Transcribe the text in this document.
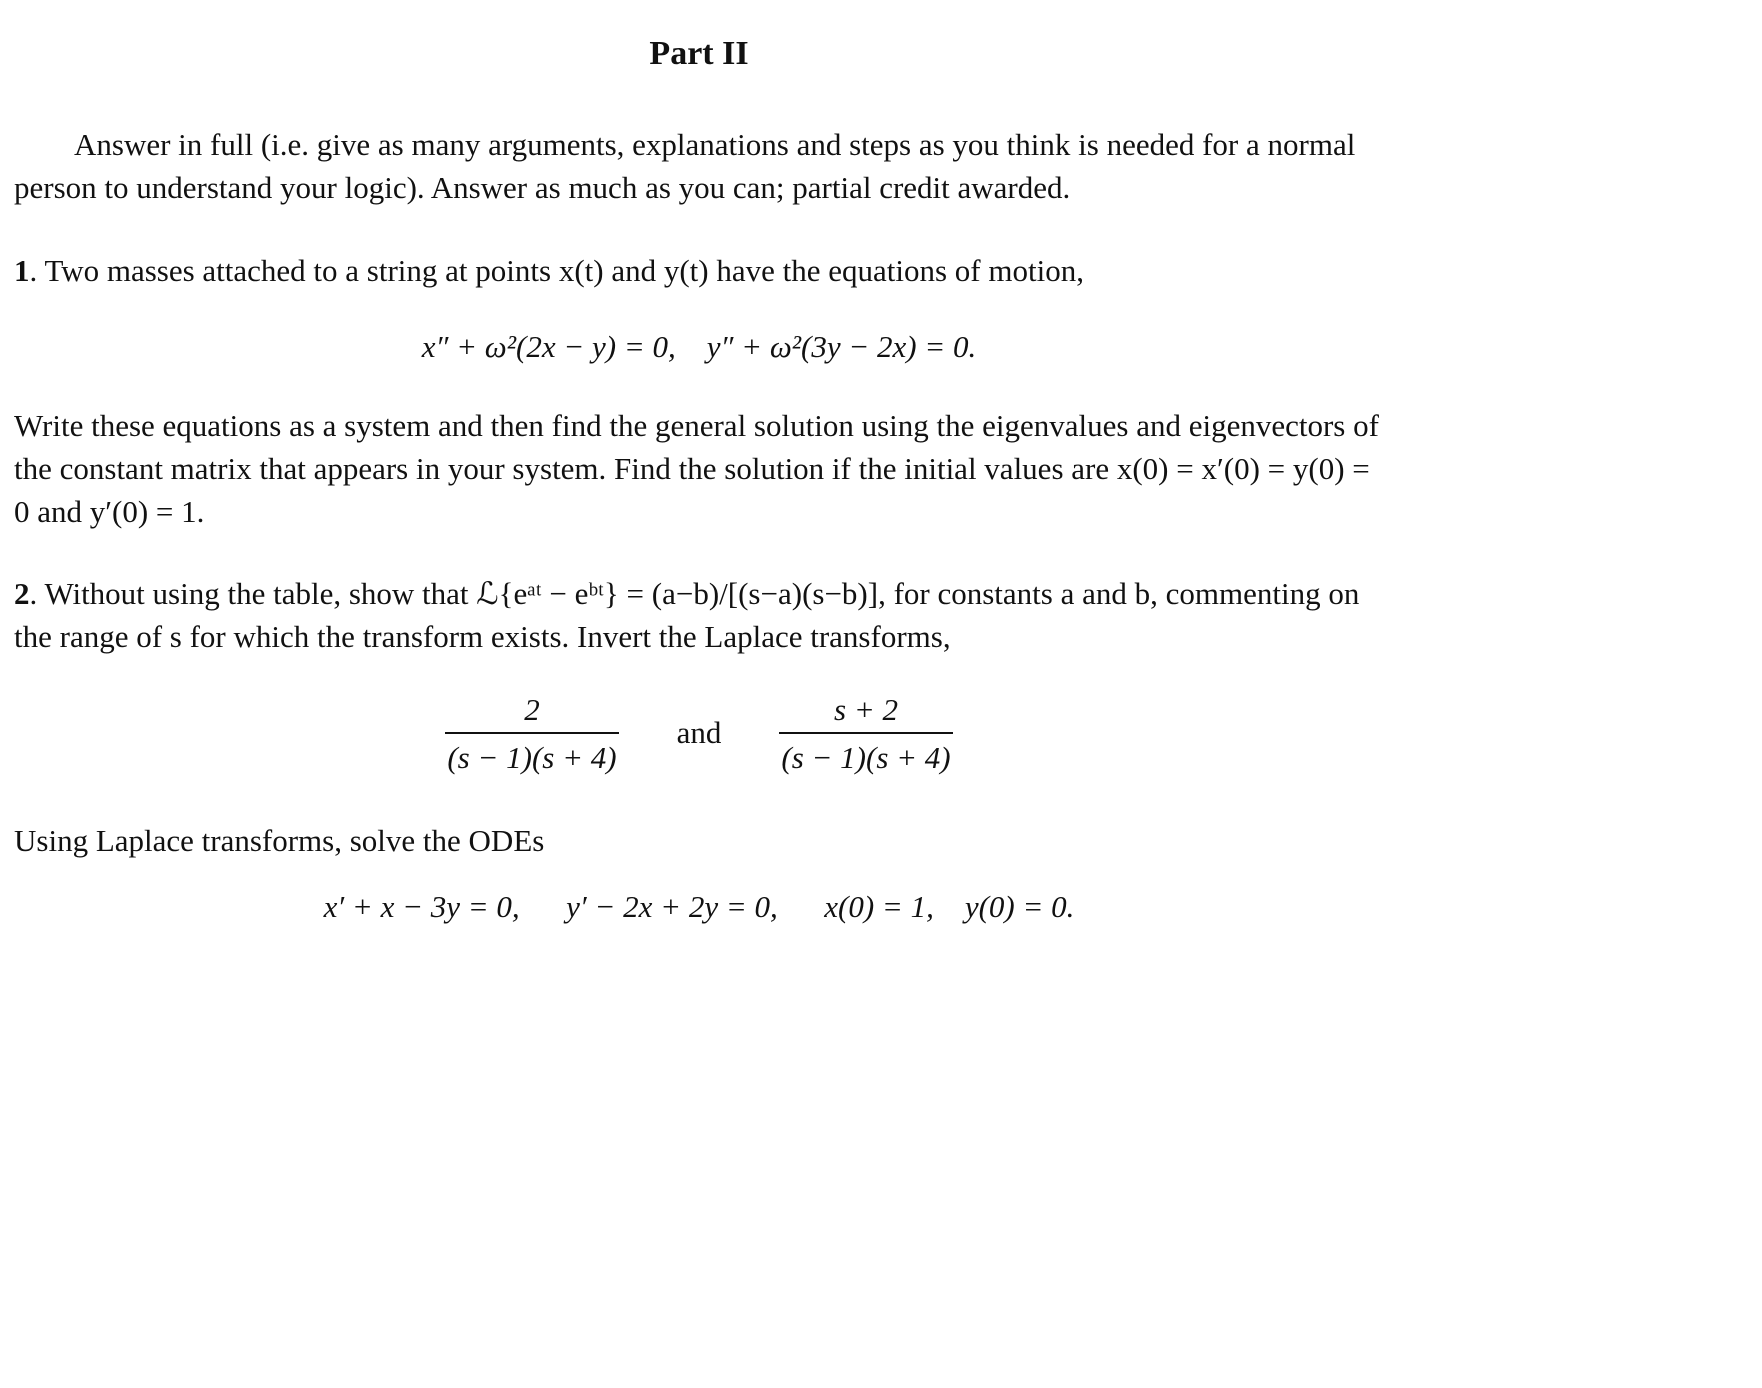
Part II
Answer in full (i.e. give as many arguments, explanations and steps as you think is needed for a normal person to understand your logic). Answer as much as you can; partial credit awarded.
1. Two masses attached to a string at points x(t) and y(t) have the equations of motion,
x″ + ω²(2x − y) = 0,    y″ + ω²(3y − 2x) = 0.
Write these equations as a system and then find the general solution using the eigenvalues and eigenvectors of the constant matrix that appears in your system. Find the solution if the initial values are x(0) = x′(0) = y(0) = 0 and y′(0) = 1.
2. Without using the table, show that ℒ{eᵃᵗ − eᵇᵗ} = (a−b)/[(s−a)(s−b)], for constants a and b, commenting on the range of s for which the transform exists. Invert the Laplace transforms,
$\frac{2}{(s - 1)(s + 4)}$ and $\frac{s + 2}{(s - 1)(s + 4)}$
Using Laplace transforms, solve the ODEs
x′ + x − 3y = 0,      y′ − 2x + 2y = 0,      x(0) = 1,    y(0) = 0.
